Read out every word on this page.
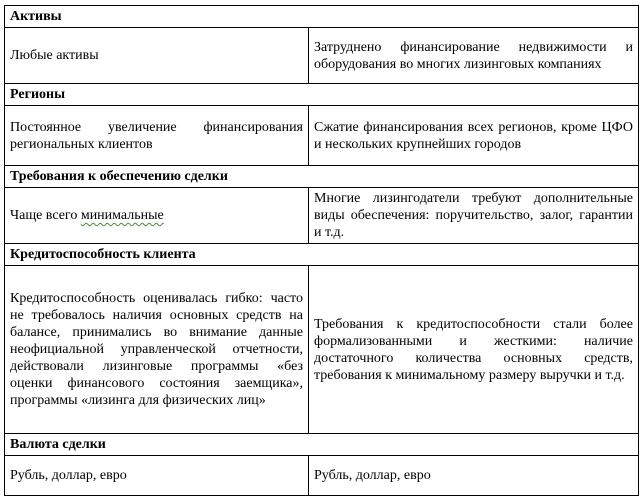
Активы	
Любые активы	Затруднено финансирование недвижимости и оборудования во многих лизинговых компаниях
Регионы	
Постоянное увеличение финансирования региональных клиентов	Сжатие финансирования всех регионов, кроме ЦФО и нескольких крупнейших городов
Требования к обеспечению сделки	
Чаще всего минимальные	Многие лизингодатели требуют дополнительные виды обеспечения: поручительство, залог, гарантии и т.д.
Кредитоспособность клиента	
Кредитоспособность оценивалась гибко: часто не требовалось наличия основных средств на балансе, принимались во внимание данные неофициальной управленческой отчетности, действовали лизинговые программы «без оценки финансового состояния заемщика», программы «лизинга для физических лиц»	Требования к кредитоспособности стали более формализованными и жесткими: наличие достаточного количества основных средств, требования к минимальному размеру выручки и т.д.
Валюта сделки	
Рубль, доллар, евро	Рубль, доллар, евро
